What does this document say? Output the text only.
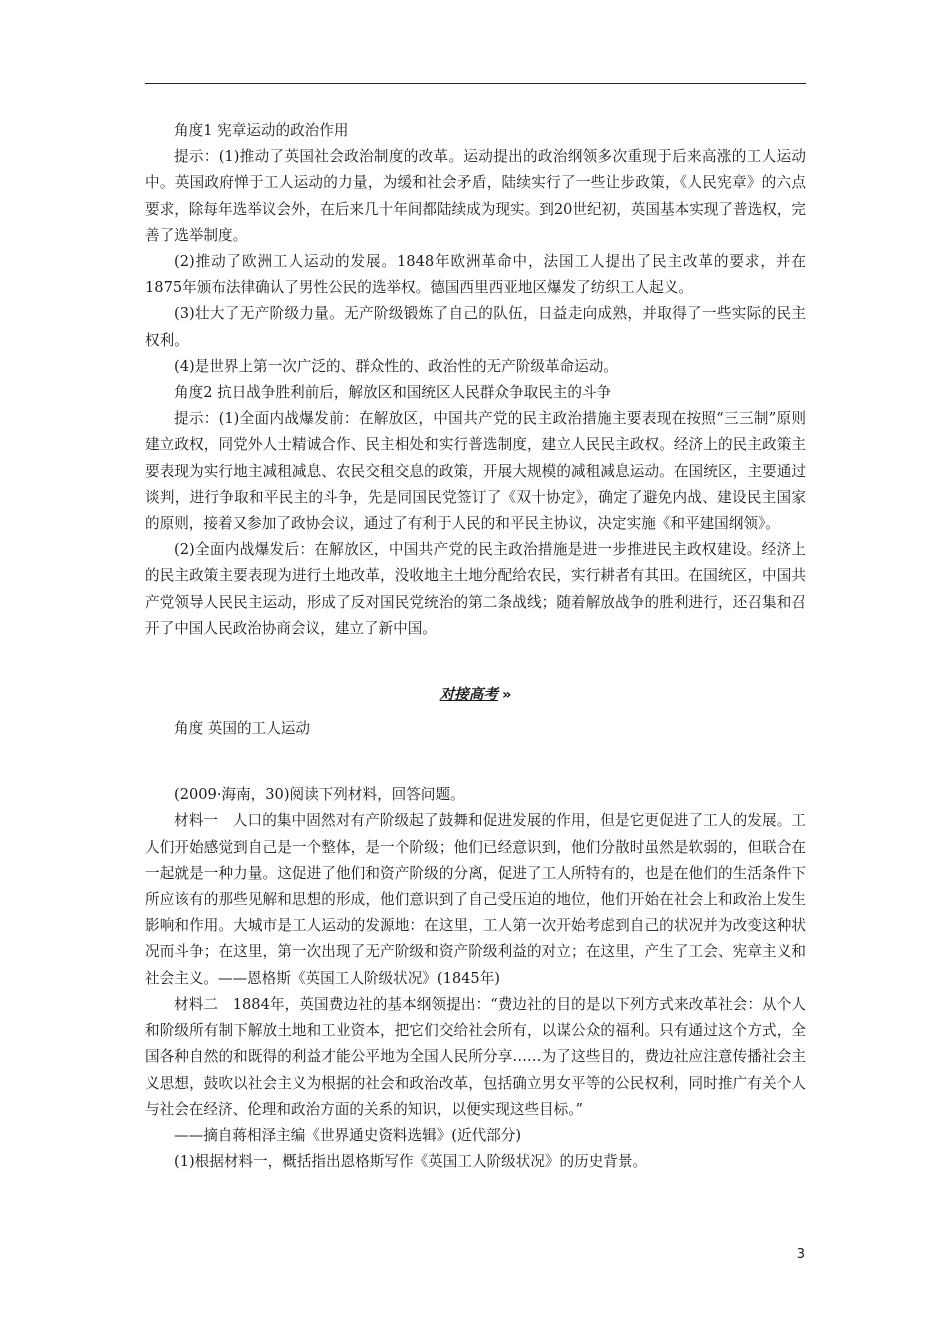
角度1 宪章运动的政治作用

提示：(1)推动了英国社会政治制度的改革。运动提出的政治纲领多次重现于后来高涨的工人运动中。英国政府惮于工人运动的力量，为缓和社会矛盾，陆续实行了一些让步政策，《人民宪章》的六点要求，除每年选举议会外，在后来几十年间都陆续成为现实。到20世纪初，英国基本实现了普选权，完善了选举制度。

(2)推动了欧洲工人运动的发展。1848年欧洲革命中，法国工人提出了民主改革的要求，并在1875年颁布法律确认了男性公民的选举权。德国西里西亚地区爆发了纺织工人起义。

(3)壮大了无产阶级力量。无产阶级锻炼了自己的队伍，日益走向成熟，并取得了一些实际的民主权利。

(4)是世界上第一次广泛的、群众性的、政治性的无产阶级革命运动。

角度2 抗日战争胜利前后，解放区和国统区人民群众争取民主的斗争

提示：(1)全面内战爆发前：在解放区，中国共产党的民主政治措施主要表现在按照“三三制”原则建立政权，同党外人士精诚合作、民主相处和实行普选制度，建立人民民主政权。经济上的民主政策主要表现为实行地主减租减息、农民交租交息的政策，开展大规模的减租减息运动。在国统区，主要通过谈判，进行争取和平民主的斗争，先是同国民党签订了《双十协定》，确定了避免内战、建设民主国家的原则，接着又参加了政协会议，通过了有利于人民的和平民主协议，决定实施《和平建国纲领》。

(2)全面内战爆发后：在解放区，中国共产党的民主政治措施是进一步推进民主政权建设。经济上的民主政策主要表现为进行土地改革，没收地主土地分配给农民，实行耕者有其田。在国统区，中国共产党领导人民民主运动，形成了反对国民党统治的第二条战线；随着解放战争的胜利进行，还召集和召开了中国人民政治协商会议，建立了新中国。

对接高考 »

角度 英国的工人运动

(2009·海南，30)阅读下列材料，回答问题。

材料一　人口的集中固然对有产阶级起了鼓舞和促进发展的作用，但是它更促进了工人的发展。工人们开始感觉到自己是一个整体，是一个阶级；他们已经意识到，他们分散时虽然是软弱的，但联合在一起就是一种力量。这促进了他们和资产阶级的分离，促进了工人所特有的，也是在他们的生活条件下所应该有的那些见解和思想的形成，他们意识到了自己受压迫的地位，他们开始在社会上和政治上发生影响和作用。大城市是工人运动的发源地：在这里，工人第一次开始考虑到自己的状况并为改变这种状况而斗争；在这里，第一次出现了无产阶级和资产阶级利益的对立；在这里，产生了工会、宪章主义和社会主义。——恩格斯《英国工人阶级状况》(1845年)

材料二　1884年，英国费边社的基本纲领提出：“费边社的目的是以下列方式来改革社会：从个人和阶级所有制下解放土地和工业资本，把它们交给社会所有，以谋公众的福利。只有通过这个方式，全国各种自然的和既得的利益才能公平地为全国人民所分享……为了这些目的，费边社应注意传播社会主义思想，鼓吹以社会主义为根据的社会和政治改革，包括确立男女平等的公民权利，同时推广有关个人与社会在经济、伦理和政治方面的关系的知识，以便实现这些目标。”

——摘自蒋相泽主编《世界通史资料选辑》(近代部分)

(1)根据材料一，概括指出恩格斯写作《英国工人阶级状况》的历史背景。

3
